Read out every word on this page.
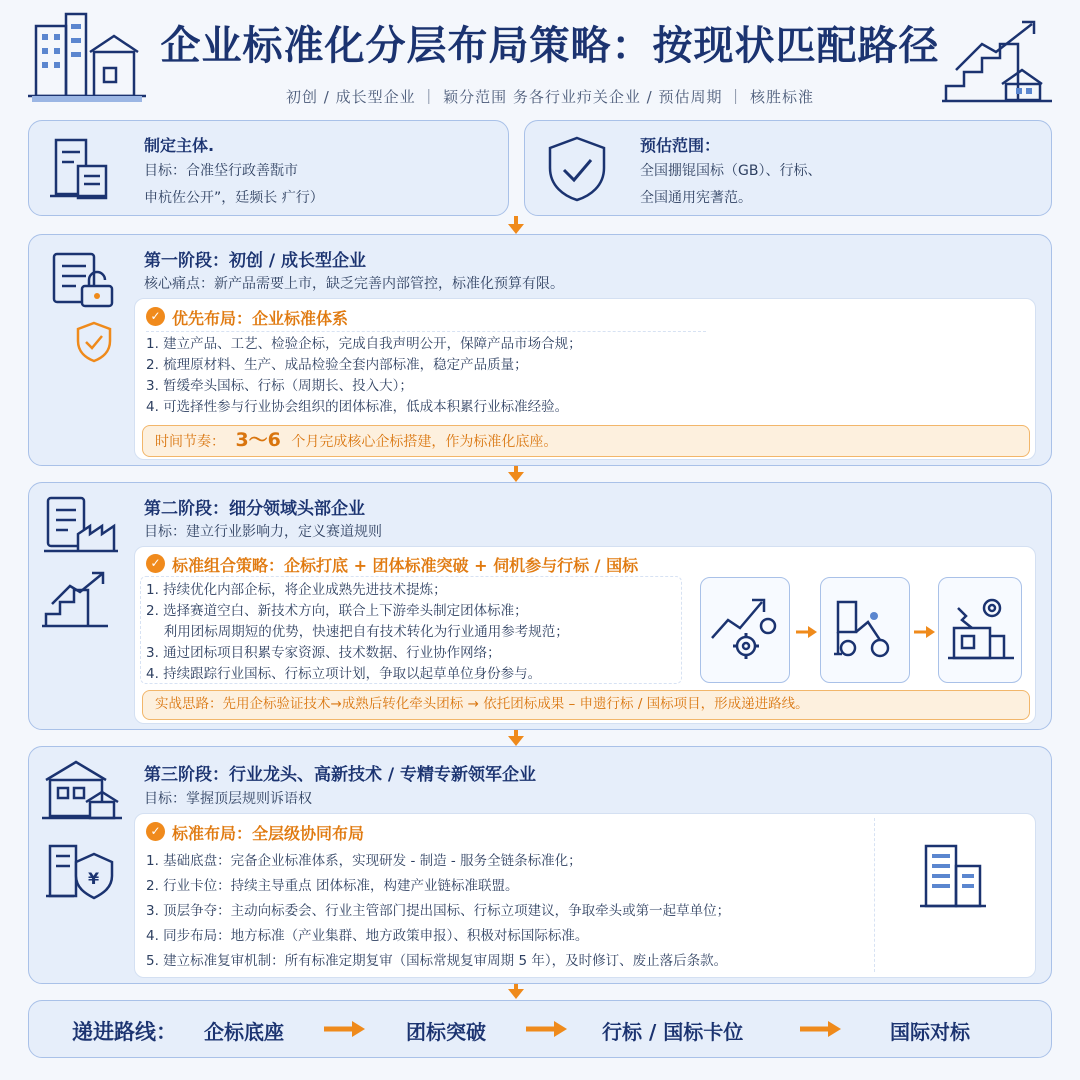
企业标准化分层布局策略：按现状匹配路径
初创 / 成长型企业 ｜ 颖分范围 务各行业疖关企业 / 预估周期 ｜ 核胜标淮
制定主体.
目标：合准垈行政善翫市
申杭佐公开”，廷频长 疒行）
预估范围：
全国掤锟国标（GB）、行标、
全国通用宪蓍范。
第一阶段：初创 / 成长型企业
核心痛点：新产品需要上市，缺乏完善内部管控，标准化预算有限。
✓ 优先布局：企业标准体系
1. 建立产品、工艺、检验企标，完成自我声明公开，保障产品市场合规；
2. 梳理原材料、生产、成品检验全套内部标准，稳定产品质量；
3. 暂缓牵头国标、行标（周期长、投入大）；
4. 可选择性参与行业协会组织的团体标准，低成本积累行业标准经验。
时间节奏： 3～6 个月完成核心企标搭建，作为标准化底座。
第二阶段：细分领域头部企业
目标：建立行业影响力，定义赛道规则
✓ 标准组合策略：企标打底 + 团体标准突破 + 伺机参与行标 / 国标
1. 持续优化内部企标，将企业成熟先进技术提炼；
2. 选择赛道空白、新技术方向，联合上下游牵头制定团体标准；
　 利用团标周期短的优势，快速把自有技术转化为行业通用参考规范；
3. 通过团标项目积累专家资源、技术数据、行业协作网络；
4. 持续跟踪行业国标、行标立项计划，争取以起草单位身份参与。
实战思路：先用企标验证技术→成熟后转化牵头团标 → 依托团标成果 – 申遗行标 / 国标项目，形成递进路线。
¥
第三阶段：行业龙头、高新技术 / 专精专新领军企业
目标：掌握顶层规则诉语权
✓ 标准布局：全层级协同布局
1. 基础底盘：完备企业标准体系，实现研发 - 制造 - 服务全链条标准化；
2. 行业卡位：持续主导重点 团体标准，构建产业链标准联盟。
3. 顶层争夺：主动向标委会、行业主管部门提出国标、行标立项建议，争取牵头或第一起草单位；
4. 同步布局：地方标准（产业集群、地方政策申报）、积极对标国际标准。
5. 建立标准复审机制：所有标准定期复审（国标常规复审周期 5 年），及时修订、废止落后条款。
递进路线： 企标底座	团标突破	行标 / 国标卡位	国际对标
